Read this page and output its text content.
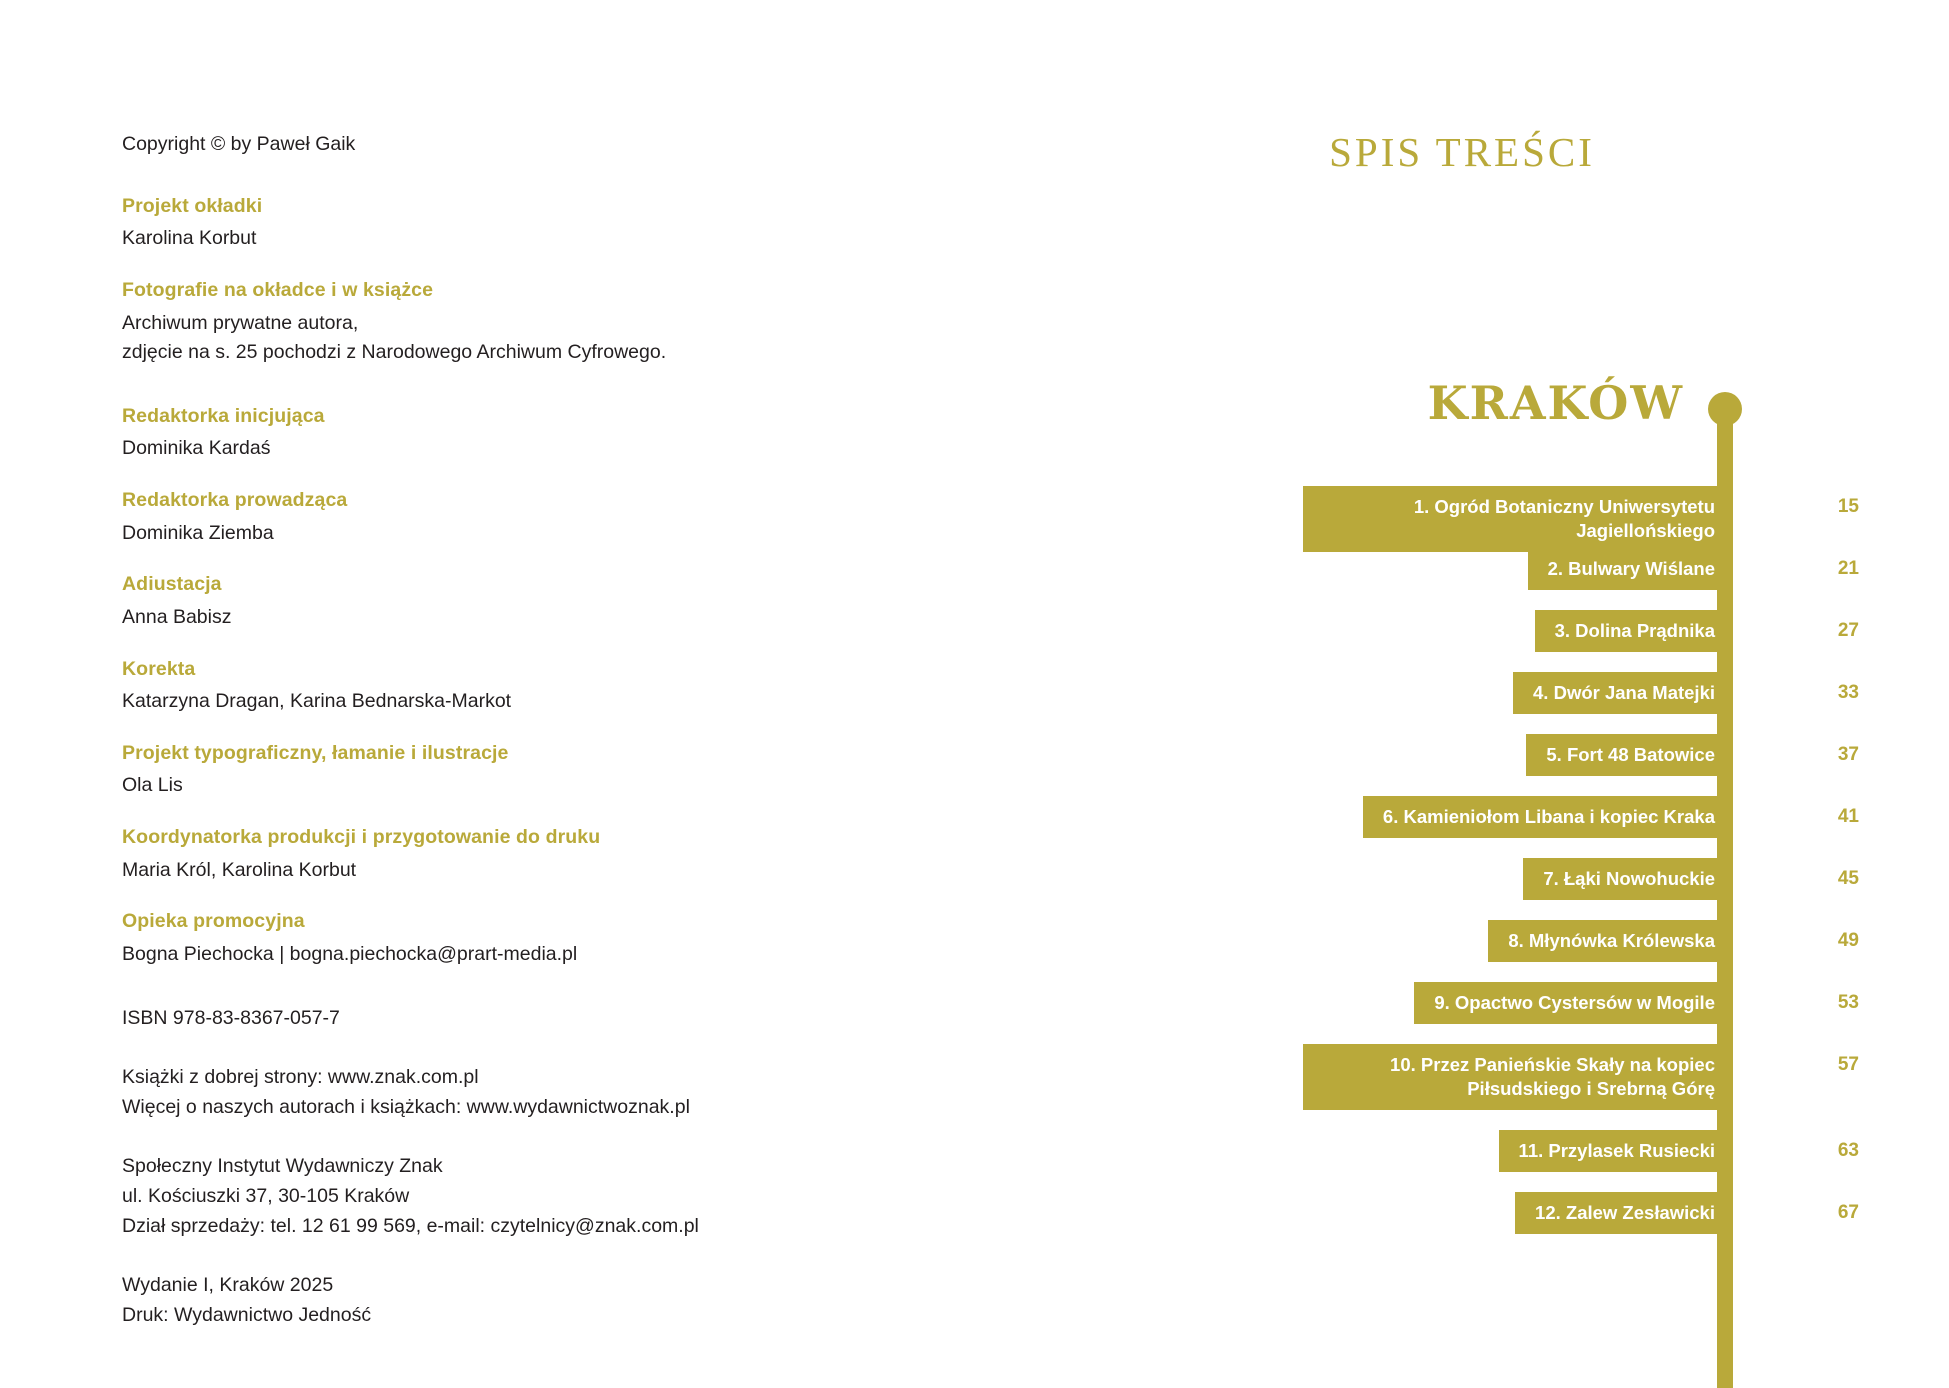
Copyright © by Paweł Gaik
Projekt okładki
Karolina Korbut
Fotografie na okładce i w książce
Archiwum prywatne autora,
zdjęcie na s. 25 pochodzi z Narodowego Archiwum Cyfrowego.
Redaktorka inicjująca
Dominika Kardaś
Redaktorka prowadząca
Dominika Ziemba
Adiustacja
Anna Babisz
Korekta
Katarzyna Dragan, Karina Bednarska-Markot
Projekt typograficzny, łamanie i ilustracje
Ola Lis
Koordynatorka produkcji i przygotowanie do druku
Maria Król, Karolina Korbut
Opieka promocyjna
Bogna Piechocka | bogna.piechocka@prart-media.pl
ISBN 978-83-8367-057-7
Książki z dobrej strony: www.znak.com.pl
Więcej o naszych autorach i książkach: www.wydawnictwoznak.pl
Społeczny Instytut Wydawniczy Znak
ul. Kościuszki 37, 30-105 Kraków
Dział sprzedaży: tel. 12 61 99 569, e-mail: czytelnicy@znak.com.pl
Wydanie I, Kraków 2025
Druk: Wydawnictwo Jedność
SPIS TREŚCI
KRAKÓW
1. Ogród Botaniczny Uniwersytetu Jagiellońskiego
15
2. Bulwary Wiślane	21
3. Dolina Prądnika	27
4. Dwór Jana Matejki	33
5. Fort 48 Batowice	37
6. Kamieniołom Libana i kopiec Kraka	41
7. Łąki Nowohuckie	45
8. Młynówka Królewska	49
9. Opactwo Cystersów w Mogile	53
10. Przez Panieńskie Skały na kopiec Piłsudskiego i Srebrną Górę
57
11. Przylasek Rusiecki	63
12. Zalew Zesławicki	67
